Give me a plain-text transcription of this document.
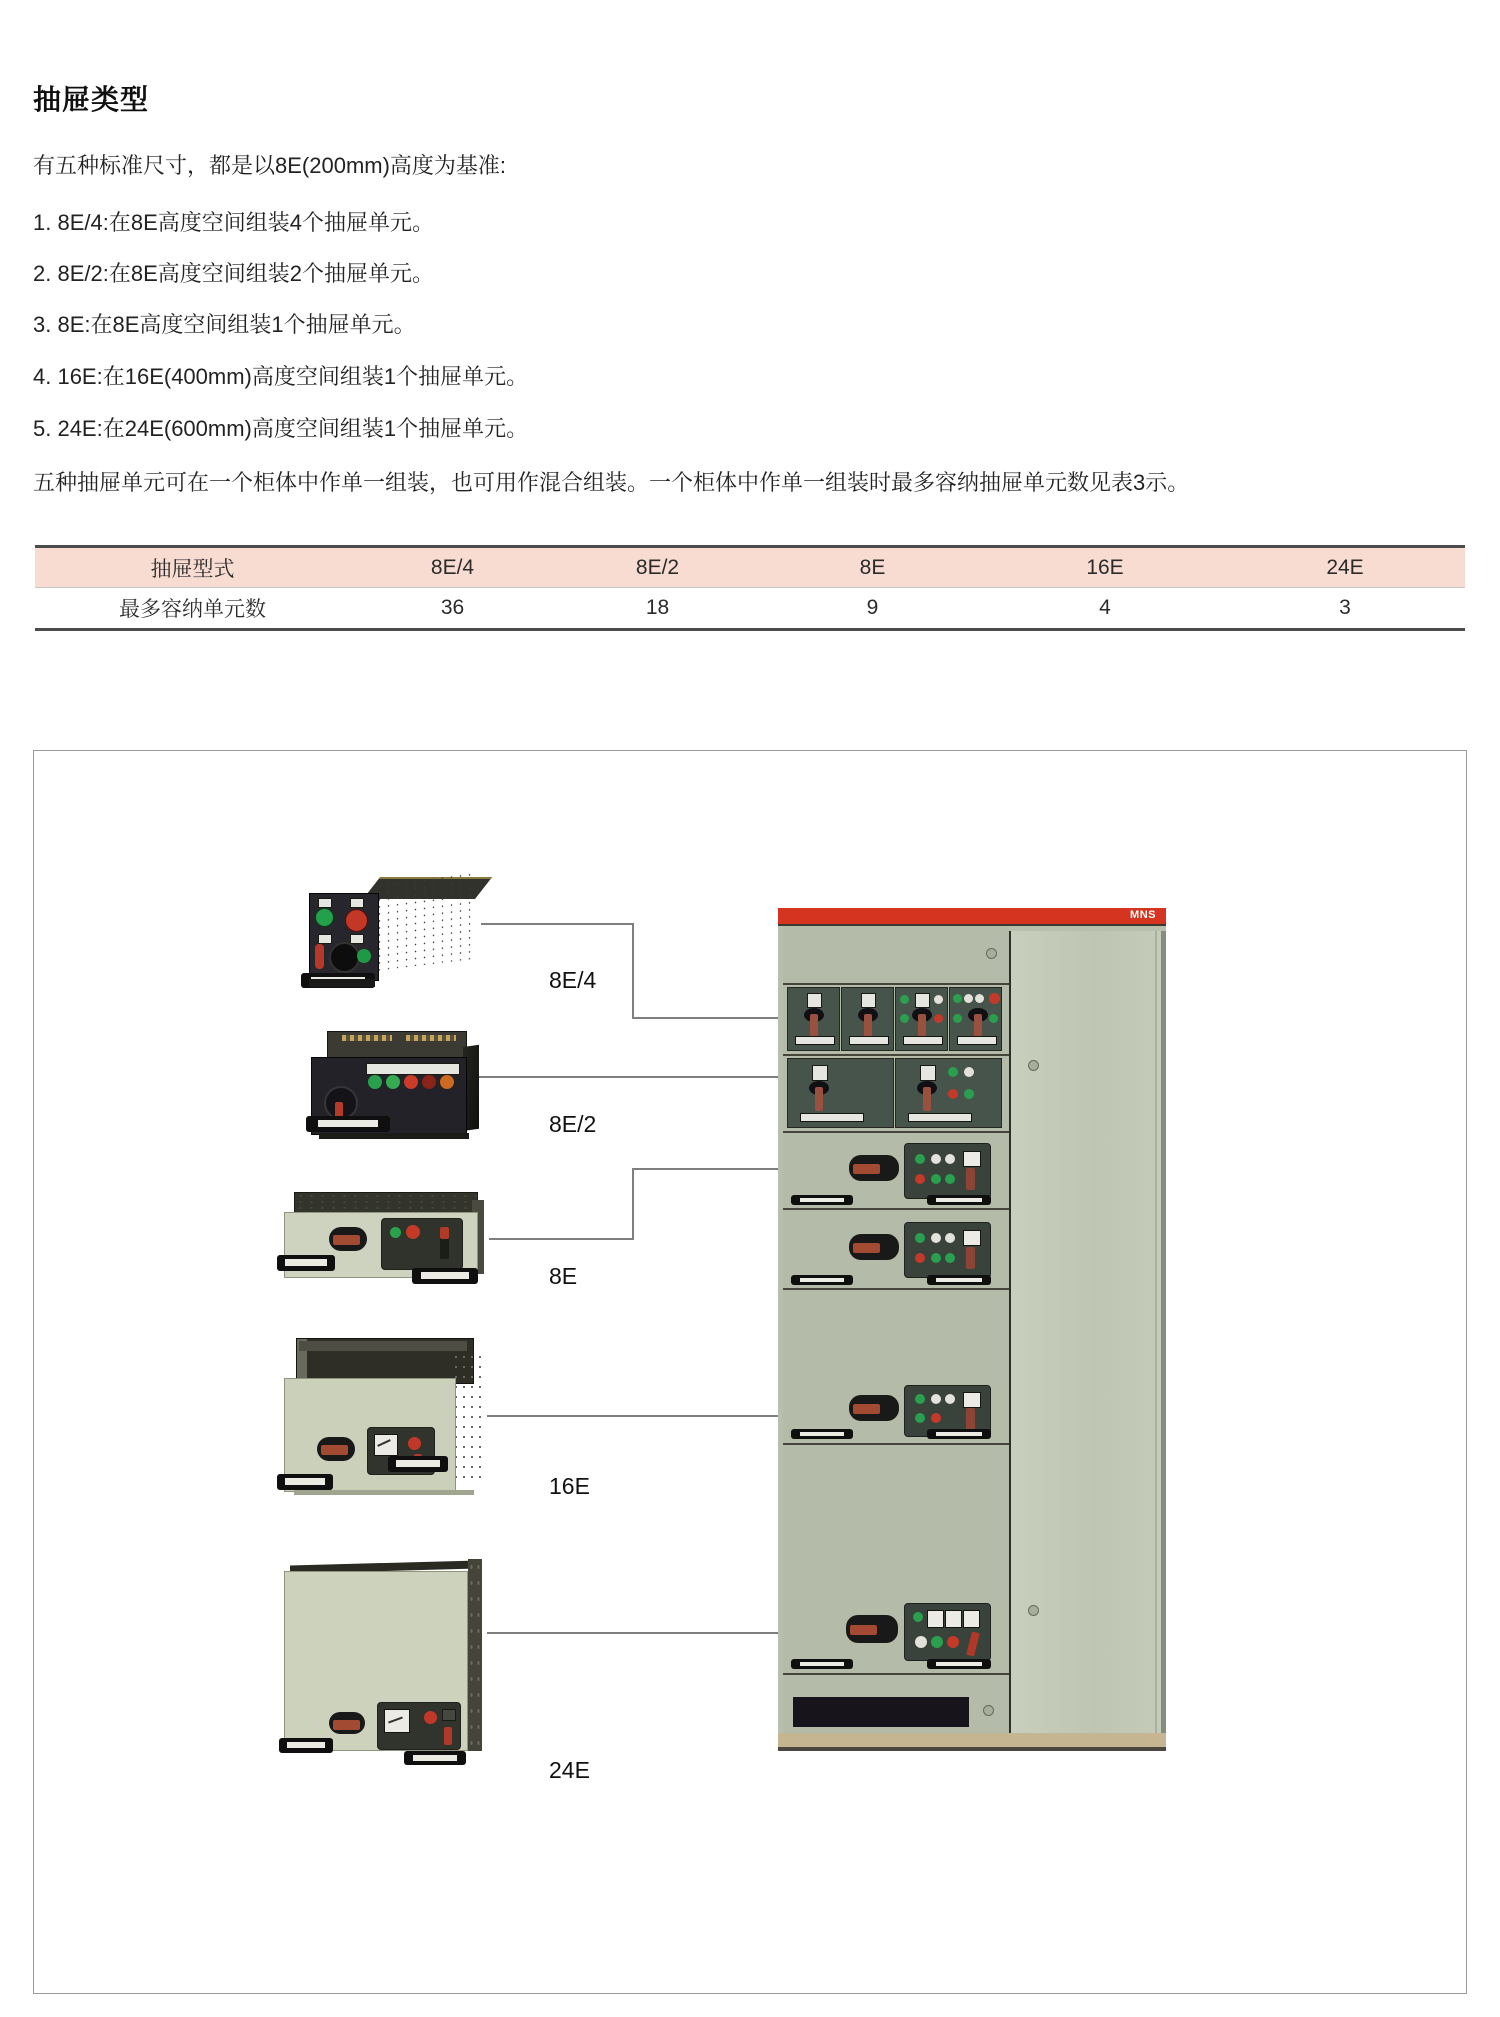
抽屉类型
有五种标准尺寸，都是以8E(200mm)高度为基准:
1. 8E/4:在8E高度空间组装4个抽屉单元。
2. 8E/2:在8E高度空间组装2个抽屉单元。
3. 8E:在8E高度空间组装1个抽屉单元。
4. 16E:在16E(400mm)高度空间组装1个抽屉单元。
5. 24E:在24E(600mm)高度空间组装1个抽屉单元。
五种抽屉单元可在一个柜体中作单一组装，也可用作混合组装。一个柜体中作单一组装时最多容纳抽屉单元数见表3示。
抽屉型式	8E/4	8E/2	8E	16E	24E
最多容纳单元数	36	18	9	4	3
8E/4
8E/2
8E
16E
24E
MNS
